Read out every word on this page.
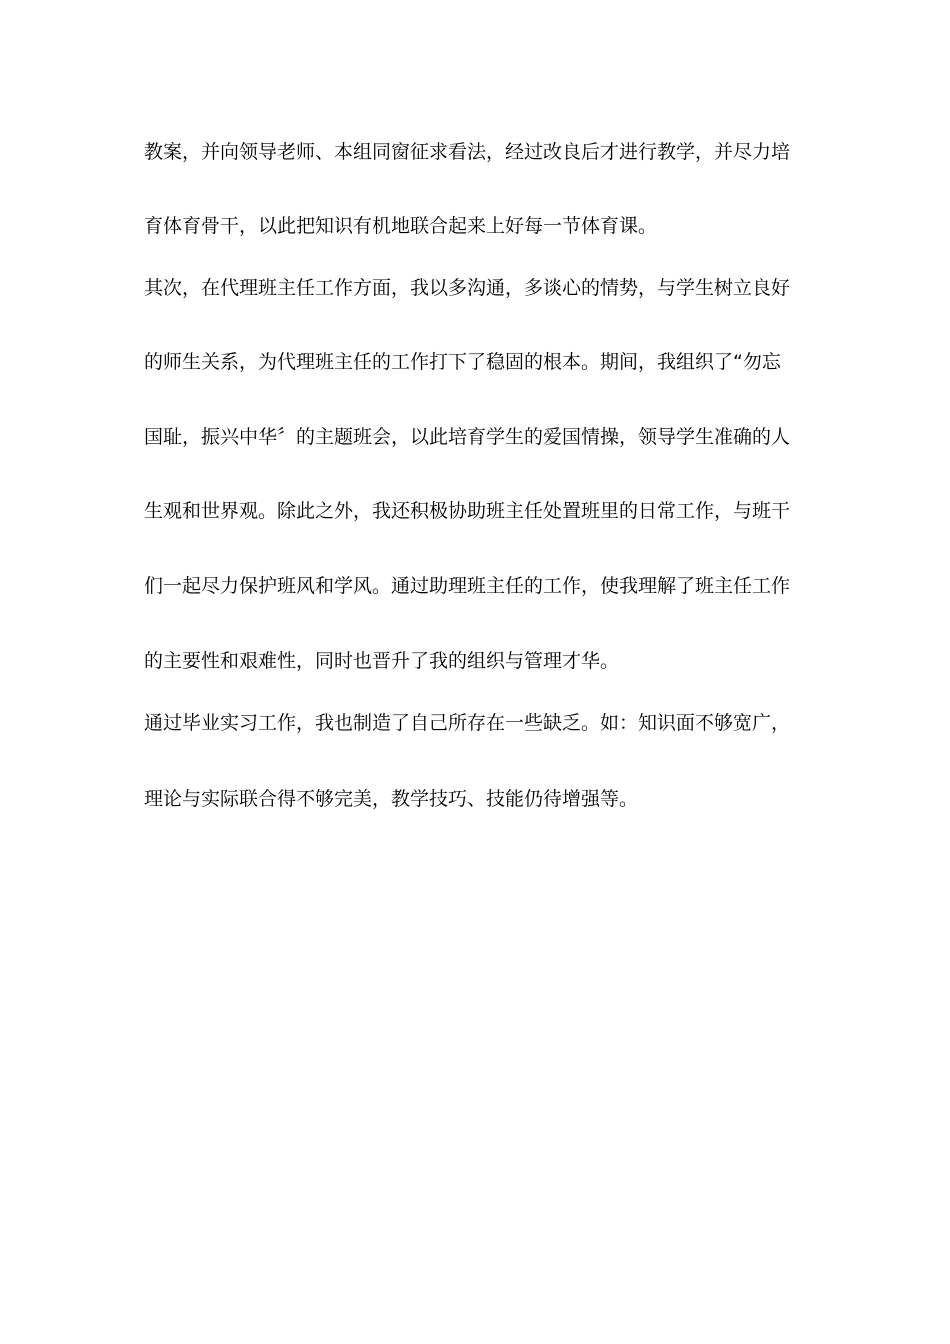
教案，并向领导老师、本组同窗征求看法，经过改良后才进行教学，并尽力培
育体育骨干，以此把知识有机地联合起来上好每一节体育课。
其次，在代理班主任工作方面，我以多沟通，多谈心的情势，与学生树立良好
的师生关系，为代理班主任的工作打下了稳固的根本。期间，我组织了“勿忘
国耻，振兴中华〞的主题班会，以此培育学生的爱国情操，领导学生准确的人
生观和世界观。除此之外，我还积极协助班主任处置班里的日常工作，与班干
们一起尽力保护班风和学风。通过助理班主任的工作，使我理解了班主任工作
的主要性和艰难性，同时也晋升了我的组织与管理才华。
通过毕业实习工作，我也制造了自己所存在一些缺乏。如：知识面不够宽广，
理论与实际联合得不够完美，教学技巧、技能仍待增强等。
